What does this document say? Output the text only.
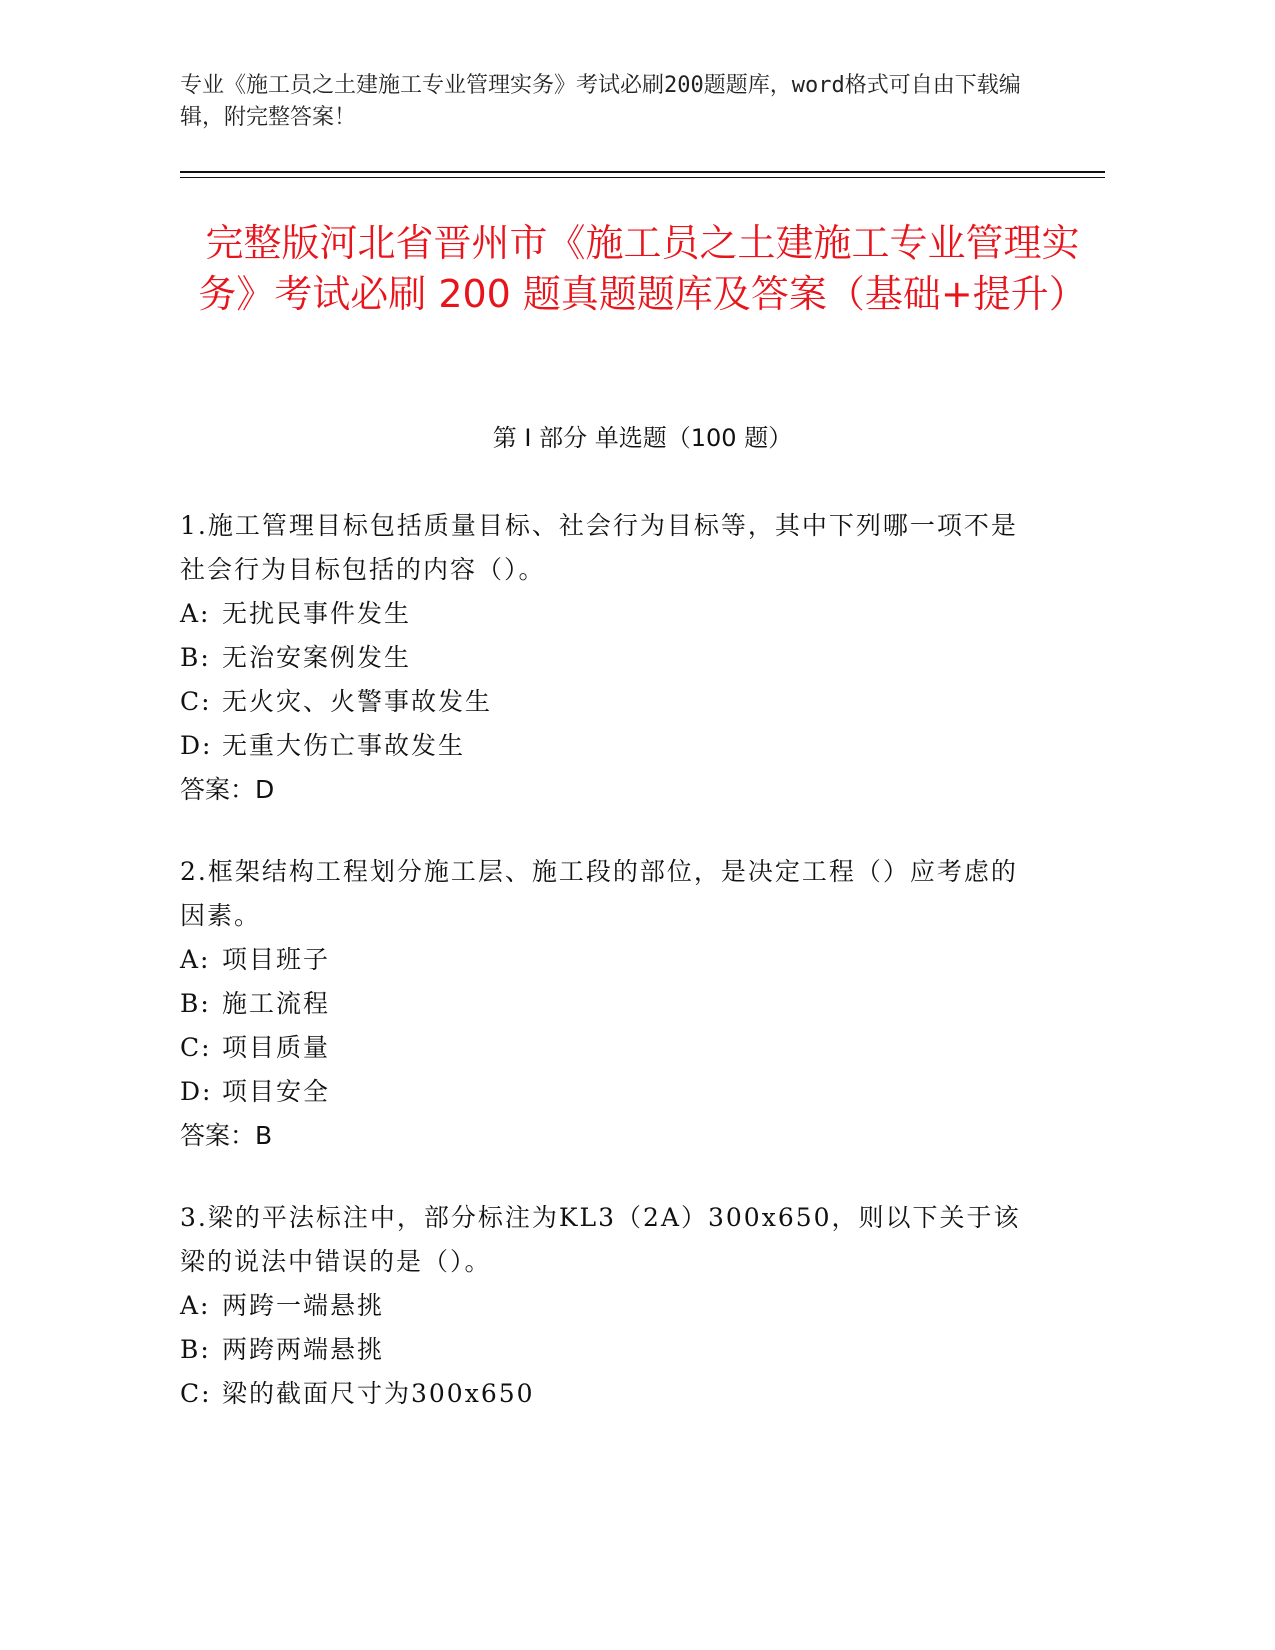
专业《施工员之土建施工专业管理实务》考试必刷200题题库，word格式可自由下载编辑，附完整答案！
完整版河北省晋州市《施工员之土建施工专业管理实务》考试必刷 200 题真题题库及答案（基础+提升）
第 I 部分 单选题（100 题）
1.施工管理目标包括质量目标、社会行为目标等，其中下列哪一项不是社会行为目标包括的内容（）。
A: 无扰民事件发生
B: 无治安案例发生
C: 无火灾、火警事故发生
D: 无重大伤亡事故发生
答案：D
2.框架结构工程划分施工层、施工段的部位，是决定工程（）应考虑的因素。
A: 项目班子
B: 施工流程
C: 项目质量
D: 项目安全
答案：B
3.梁的平法标注中，部分标注为KL3（2A）300x650，则以下关于该梁的说法中错误的是（）。
A: 两跨一端悬挑
B: 两跨两端悬挑
C: 梁的截面尺寸为300x650
